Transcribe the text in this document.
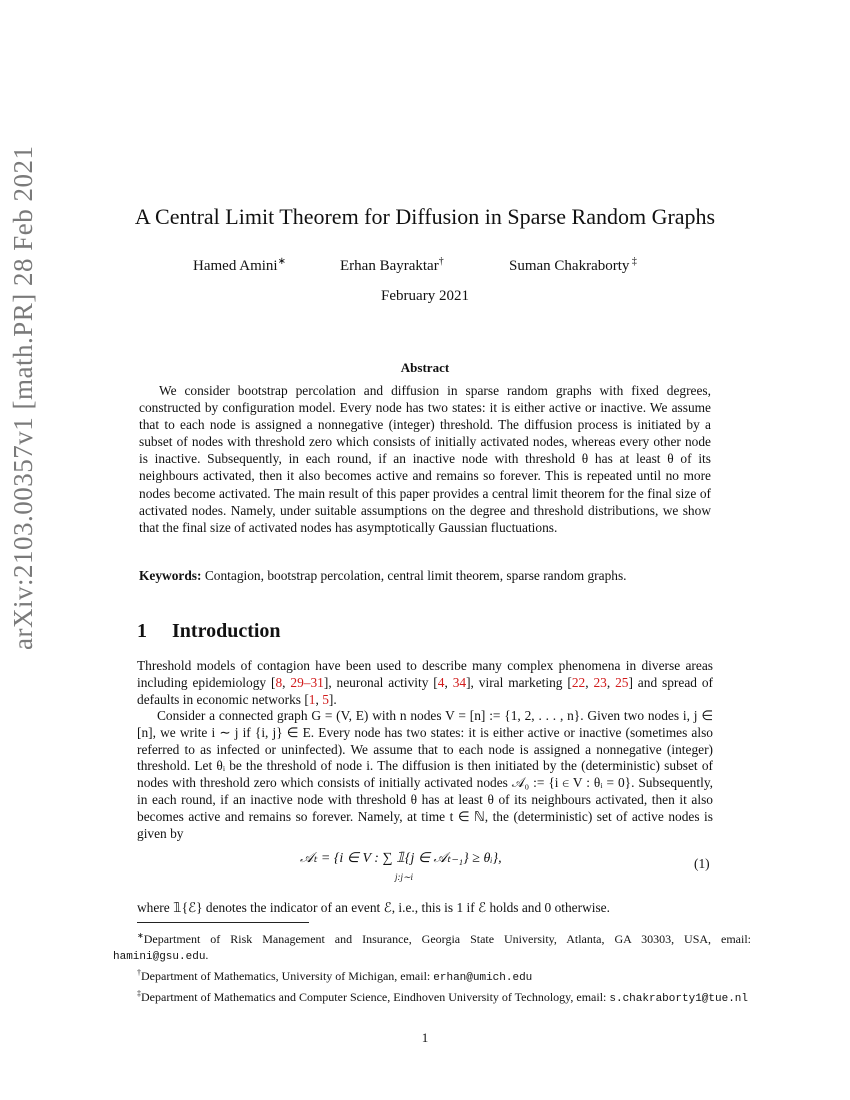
arXiv:2103.00357v1 [math.PR] 28 Feb 2021	A Central Limit Theorem for Diffusion in Sparse Random Graphs
Hamed Amini∗	Erhan Bayraktar†	Suman Chakraborty ‡
February 2021
Abstract
We consider bootstrap percolation and diffusion in sparse random graphs with fixed degrees, constructed by configuration model. Every node has two states: it is either active or inactive. We assume that to each node is assigned a nonnegative (integer) threshold. The diffusion process is initiated by a subset of nodes with threshold zero which consists of initially activated nodes, whereas every other node is inactive. Subsequently, in each round, if an inactive node with threshold θ has at least θ of its neighbours activated, then it also becomes active and remains so forever. This is repeated until no more nodes become activated. The main result of this paper provides a central limit theorem for the final size of activated nodes. Namely, under suitable assumptions on the degree and threshold distributions, we show that the final size of activated nodes has asymptotically Gaussian fluctuations.
Keywords: Contagion, bootstrap percolation, central limit theorem, sparse random graphs.
1 Introduction
Threshold models of contagion have been used to describe many complex phenomena in diverse areas including epidemiology [8, 29–31], neuronal activity [4, 34], viral marketing [22, 23, 25] and spread of defaults in economic networks [1, 5].
Consider a connected graph G = (V, E) with n nodes V = [n] := {1, 2, . . . , n}. Given two nodes i, j ∈ [n], we write i ∼ j if {i, j} ∈ E. Every node has two states: it is either active or inactive (sometimes also referred to as infected or uninfected). We assume that to each node is assigned a nonnegative (integer) threshold. Let θᵢ be the threshold of node i. The diffusion is then initiated by the (deterministic) subset of nodes with threshold zero which consists of initially activated nodes 𝒜₀ := {i ∈ V : θᵢ = 0}. Subsequently, in each round, if an inactive node with threshold θ has at least θ of its neighbours activated, then it also becomes active and remains so forever. Namely, at time t ∈ ℕ, the (deterministic) set of active nodes is given by
𝒜ₜ = {i ∈ V : ∑ 𝟙{j ∈ 𝒜ₜ₋₁} ≥ θᵢ},
j:j∼i
(1)
where 𝟙{ℰ} denotes the indicator of an event ℰ, i.e., this is 1 if ℰ holds and 0 otherwise.
∗Department of Risk Management and Insurance, Georgia State University, Atlanta, GA 30303, USA, email: hamini@gsu.edu.
†Department of Mathematics, University of Michigan, email: erhan@umich.edu
‡Department of Mathematics and Computer Science, Eindhoven University of Technology, email: s.chakraborty1@tue.nl
1
